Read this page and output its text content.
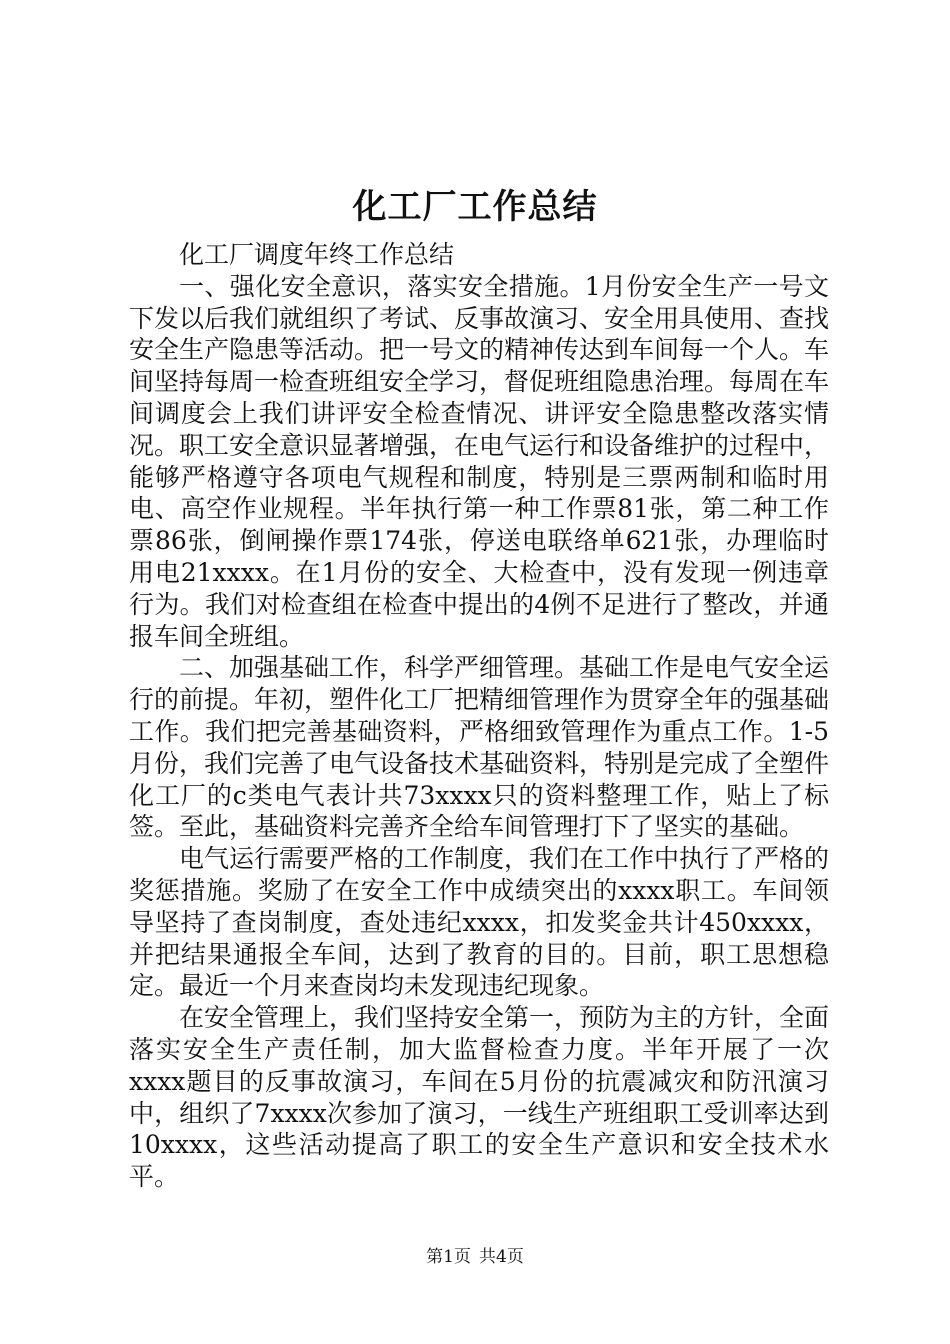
化工厂工作总结

化工厂调度年终工作总结

一、强化安全意识，落实安全措施。1月份安全生产一号文下发以后我们就组织了考试、反事故演习、安全用具使用、查找安全生产隐患等活动。把一号文的精神传达到车间每一个人。车间坚持每周一检查班组安全学习，督促班组隐患治理。每周在车间调度会上我们讲评安全检查情况、讲评安全隐患整改落实情况。职工安全意识显著增强，在电气运行和设备维护的过程中，能够严格遵守各项电气规程和制度，特别是三票两制和临时用电、高空作业规程。半年执行第一种工作票81张，第二种工作票86张，倒闸操作票174张，停送电联络单621张，办理临时用电21xxxx。在1月份的安全、大检查中，没有发现一例违章行为。我们对检查组在检查中提出的4例不足进行了整改，并通报车间全班组。

二、加强基础工作，科学严细管理。基础工作是电气安全运行的前提。年初，塑件化工厂把精细管理作为贯穿全年的强基础工作。我们把完善基础资料，严格细致管理作为重点工作。1-5月份，我们完善了电气设备技术基础资料，特别是完成了全塑件化工厂的c类电气表计共73xxxx只的资料整理工作，贴上了标签。至此，基础资料完善齐全给车间管理打下了坚实的基础。

电气运行需要严格的工作制度，我们在工作中执行了严格的奖惩措施。奖励了在安全工作中成绩突出的xxxx职工。车间领导坚持了查岗制度，查处违纪xxxx，扣发奖金共计450xxxx，并把结果通报全车间，达到了教育的目的。目前，职工思想稳定。最近一个月来查岗均未发现违纪现象。

在安全管理上，我们坚持安全第一，预防为主的方针，全面落实安全生产责任制，加大监督检查力度。半年开展了一次xxxx题目的反事故演习，车间在5月份的抗震减灾和防汛演习中，组织了7xxxx次参加了演习，一线生产班组职工受训率达到10xxxx，这些活动提高了职工的安全生产意识和安全技术水平。

第1页 共4页
